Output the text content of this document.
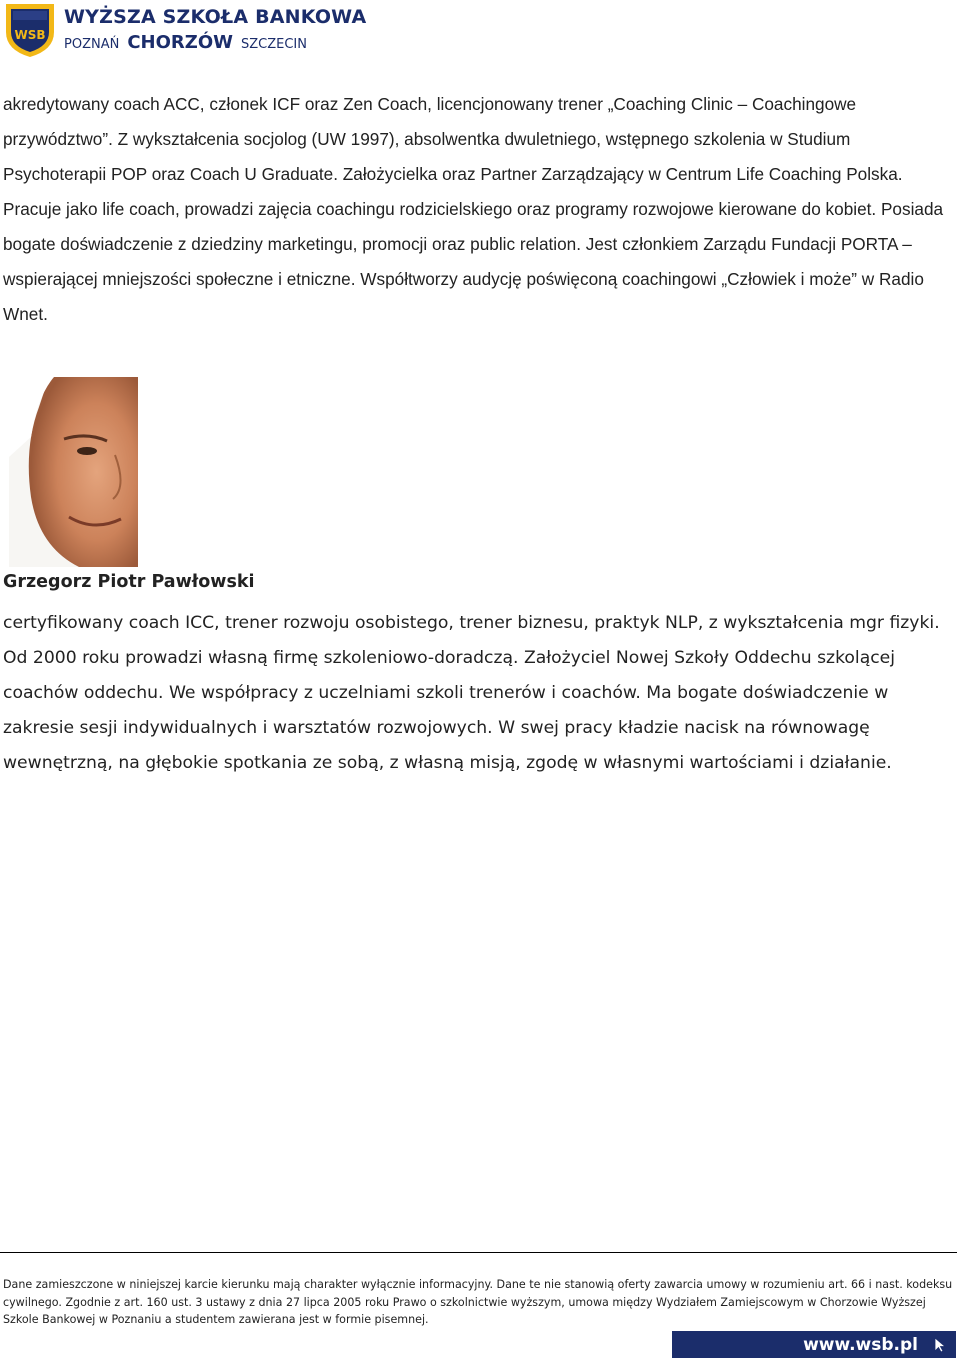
WSB
WYŻSZA SZKOŁA BANKOWA
POZNAŃ CHORZÓW SZCZECIN

akredytowany coach ACC, członek ICF oraz Zen Coach, licencjonowany trener „Coaching Clinic – Coachingowe przywództwo”. Z wykształcenia socjolog (UW 1997), absolwentka dwuletniego, wstępnego szkolenia w Studium Psychoterapii POP oraz Coach U Graduate. Założycielka oraz Partner Zarządzający w Centrum Life Coaching Polska. Pracuje jako life coach, prowadzi zajęcia coachingu rodzicielskiego oraz programy rozwojowe kierowane do kobiet. Posiada bogate doświadczenie z dziedziny marketingu, promocji oraz public relation. Jest członkiem Zarządu Fundacji PORTA – wspierającej mniejszości społeczne i etniczne. Współtworzy audycję poświęconą coachingowi „Człowiek i może” w Radio Wnet.

Grzegorz Piotr Pawłowski

certyfikowany coach ICC, trener rozwoju osobistego, trener biznesu, praktyk NLP, z wykształcenia mgr fizyki. Od 2000 roku prowadzi własną firmę szkoleniowo-doradczą. Założyciel Nowej Szkoły Oddechu szkolącej coachów oddechu. We współpracy z uczelniami szkoli trenerów i coachów. Ma bogate doświadczenie w zakresie sesji indywidualnych i warsztatów rozwojowych. W swej pracy kładzie nacisk na równowagę wewnętrzną, na głębokie spotkania ze sobą, z własną misją, zgodę w własnymi wartościami i działanie.

Dane zamieszczone w niniejszej karcie kierunku mają charakter wyłącznie informacyjny. Dane te nie stanowią oferty zawarcia umowy w rozumieniu art. 66 i nast. kodeksu cywilnego. Zgodnie z art. 160 ust. 3 ustawy z dnia 27 lipca 2005 roku Prawo o szkolnictwie wyższym, umowa między Wydziałem Zamiejscowym w Chorzowie Wyższej Szkole Bankowej w Poznaniu a studentem zawierana jest w formie pisemnej.

www.wsb.pl
